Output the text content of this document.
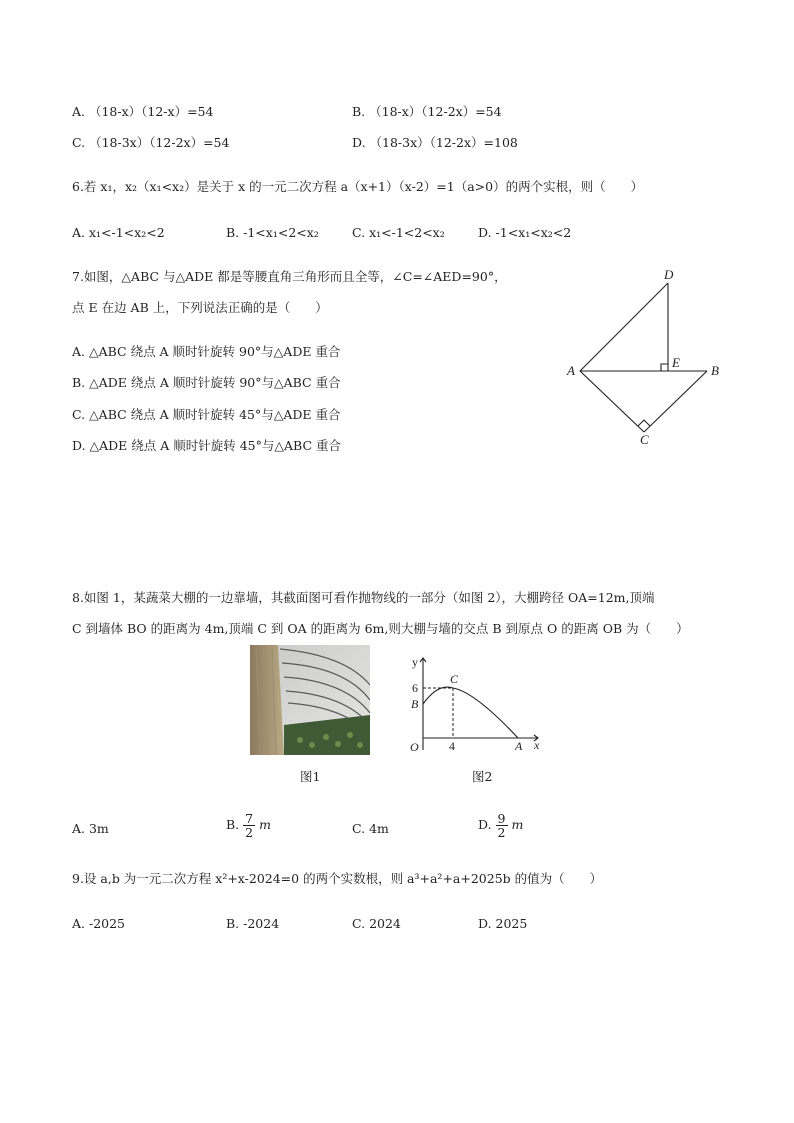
A. （18-x）（12-x）=54	B. （18-x）（12-2x）=54
C. （18-3x）（12-2x）=54	D. （18-3x）（12-2x）=108
6.若 x₁，x₂（x₁<x₂）是关于 x 的一元二次方程 a（x+1）（x-2）=1（a>0）的两个实根，则（　　）
A. x₁<-1<x₂<2	B. -1<x₁<2<x₂	C. x₁<-1<2<x₂	D. -1<x₁<x₂<2
7.如图，△ABC 与△ADE 都是等腰直角三角形而且全等，∠C=∠AED=90°，
点 E 在边 AB 上，下列说法正确的是（　　）
A. △ABC 绕点 A 顺时针旋转 90°与△ADE 重合
B. △ADE 绕点 A 顺时针旋转 90°与△ABC 重合
C. △ABC 绕点 A 顺时针旋转 45°与△ADE 重合
D. △ADE 绕点 A 顺时针旋转 45°与△ABC 重合
D
A
E
B
C
8.如图 1，某蔬菜大棚的一边靠墙，其截面图可看作抛物线的一部分（如图 2），大棚跨径 OA=12m,顶端
C 到墙体 BO 的距离为 4m,顶端 C 到 OA 的距离为 6m,则大棚与墙的交点 B 到原点 O 的距离 OB 为（　　）
图1
y
x
O	A
B
C
6
4
图2
A. 3m	B. $\frac{7}{2}$ m	C. 4m	D. $\frac{9}{2}$ m
9.设 a,b 为一元二次方程 x²+x-2024=0 的两个实数根，则 a³+a²+a+2025b 的值为（　　）
A. -2025	B. -2024	C. 2024	D. 2025
